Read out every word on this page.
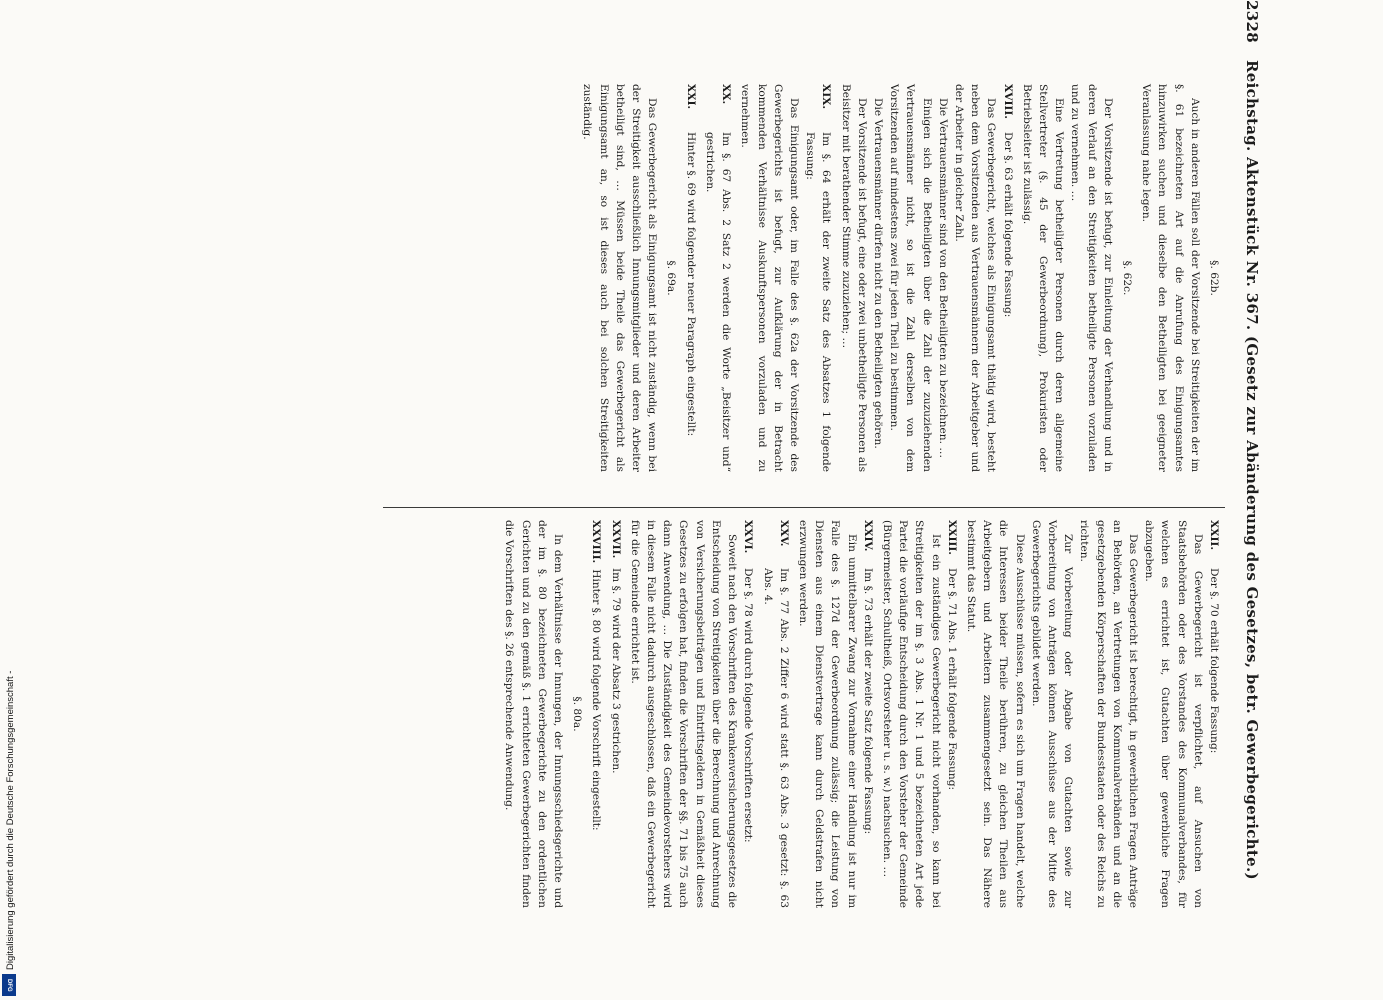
2328
Reichstag. Aktenstück Nr. 367. (Gesetz zur Abänderung des Gesetzes, betr. Gewerbegerichte.)

§. 62b.

Auch in anderen Fällen soll der Vorsitzende bei Streitigkeiten der im §. 61 bezeichneten Art auf die Anrufung des Einigungsamtes hinzuwirken suchen und dieselbe den Betheiligten bei geeigneter Veranlassung nahe legen.

§. 62c.

Der Vorsitzende ist befugt, zur Einleitung der Verhandlung und in deren Verlauf an den Streitigkeiten betheiligte Personen vorzuladen und zu vernehmen. …

Eine Vertretung betheiligter Personen durch deren allgemeine Stellvertreter (§. 45 der Gewerbeordnung), Prokuristen oder Betriebsleiter ist zulässig.

XVIII.
Der §. 63 erhält folgende Fassung:

Das Gewerbegericht, welches als Einigungsamt thätig wird, besteht neben dem Vorsitzenden aus Vertrauensmännern der Arbeitgeber und der Arbeiter in gleicher Zahl.

Die Vertrauensmänner sind von den Betheiligten zu bezeichnen. …

Einigen sich die Betheiligten über die Zahl der zuzuziehenden Vertrauensmänner nicht, so ist die Zahl derselben von dem Vorsitzenden auf mindestens zwei für jeden Theil zu bestimmen.

Die Vertrauensmänner dürfen nicht zu den Betheiligten gehören.

Der Vorsitzende ist befugt, eine oder zwei unbetheiligte Personen als Beisitzer mit berathender Stimme zuzuziehen; …

XIX.
Im §. 64 erhält der zweite Satz des Absatzes 1 folgende Fassung:

Das Einigungsamt oder, im Falle des §. 62a der Vorsitzende des Gewerbegerichts ist befugt, zur Aufklärung der in Betracht kommenden Verhältnisse Auskunftspersonen vorzuladen und zu vernehmen.

XX.
Im §. 67 Abs. 2 Satz 2 werden die Worte „Beisitzer und“ gestrichen.
XXI.
Hinter §. 69 wird folgender neuer Paragraph eingestellt:

§. 69a.

Das Gewerbegericht als Einigungsamt ist nicht zuständig, wenn bei der Streitigkeit ausschließlich Innungsmitglieder und deren Arbeiter betheiligt sind, … Müssen beide Theile das Gewerbegericht als Einigungsamt an, so ist dieses auch bei solchen Streitigkeiten zuständig.

XXII.
Der §. 70 erhält folgende Fassung:

Das Gewerbegericht ist verpflichtet, auf Ansuchen von Staatsbehörden oder des Vorstandes des Kommunalverbandes, für welchen es errichtet ist, Gutachten über gewerbliche Fragen abzugeben.

Das Gewerbegericht ist berechtigt, in gewerblichen Fragen Anträge an Behörden, an Vertretungen von Kommunalverbänden und an die gesetzgebenden Körperschaften der Bundesstaaten oder des Reichs zu richten.

Zur Vorbereitung oder Abgabe von Gutachten sowie zur Vorbereitung von Anträgen können Ausschüsse aus der Mitte des Gewerbegerichts gebildet werden.

Diese Ausschüsse müssen, sofern es sich um Fragen handelt, welche die Interessen beider Theile berühren, zu gleichen Theilen aus Arbeitgebern und Arbeitern zusammengesetzt sein. Das Nähere bestimmt das Statut.

XXIII.
Der §. 71 Abs. 1 erhält folgende Fassung:

Ist ein zuständiges Gewerbegericht nicht vorhanden, so kann bei Streitigkeiten der im §. 3 Abs. 1 Nr. 1 und 5 bezeichneten Art jede Partei die vorläufige Entscheidung durch den Vorsteher der Gemeinde (Bürgermeister, Schultheiß, Ortsvorsteher u. s. w.) nachsuchen. …

XXIV.
Im §. 73 erhält der zweite Satz folgende Fassung:

Ein unmittelbarer Zwang zur Vornahme einer Handlung ist nur im Falle des §. 127d der Gewerbeordnung zulässig; die Leistung von Diensten aus einem Dienstvertrage kann durch Geldstrafen nicht erzwungen werden.

XXV.
Im §. 77 Abs. 2 Ziffer 6 wird statt §. 63 Abs. 3 gesetzt: §. 63 Abs. 4.
XXVI.
Der §. 78 wird durch folgende Vorschriften ersetzt:

Soweit nach den Vorschriften des Krankenversicherungsgesetzes die Entscheidung von Streitigkeiten über die Berechnung und Anrechnung von Versicherungsbeiträgen und Eintrittsgeldern in Gemäßheit dieses Gesetzes zu erfolgen hat, finden die Vorschriften der §§. 71 bis 75 auch dann Anwendung, … Die Zuständigkeit des Gemeindevorstehers wird in diesem Falle nicht dadurch ausgeschlossen, daß ein Gewerbegericht für die Gemeinde errichtet ist.

XXVII.
Im §. 79 wird der Absatz 3 gestrichen.
XXVIII.
Hinter §. 80 wird folgende Vorschrift eingestellt:

§. 80a.

In dem Verhältnisse der Innungen, der Innungsschiedsgerichte und der im §. 80 bezeichneten Gewerbegerichte zu den ordentlichen Gerichten und zu den gemäß §. 1 errichteten Gewerbegerichten finden die Vorschriften des §. 26 entsprechende Anwendung.

Digitalisierung gefördert durch die Deutsche Forschungsgemeinschaft -
DFG
